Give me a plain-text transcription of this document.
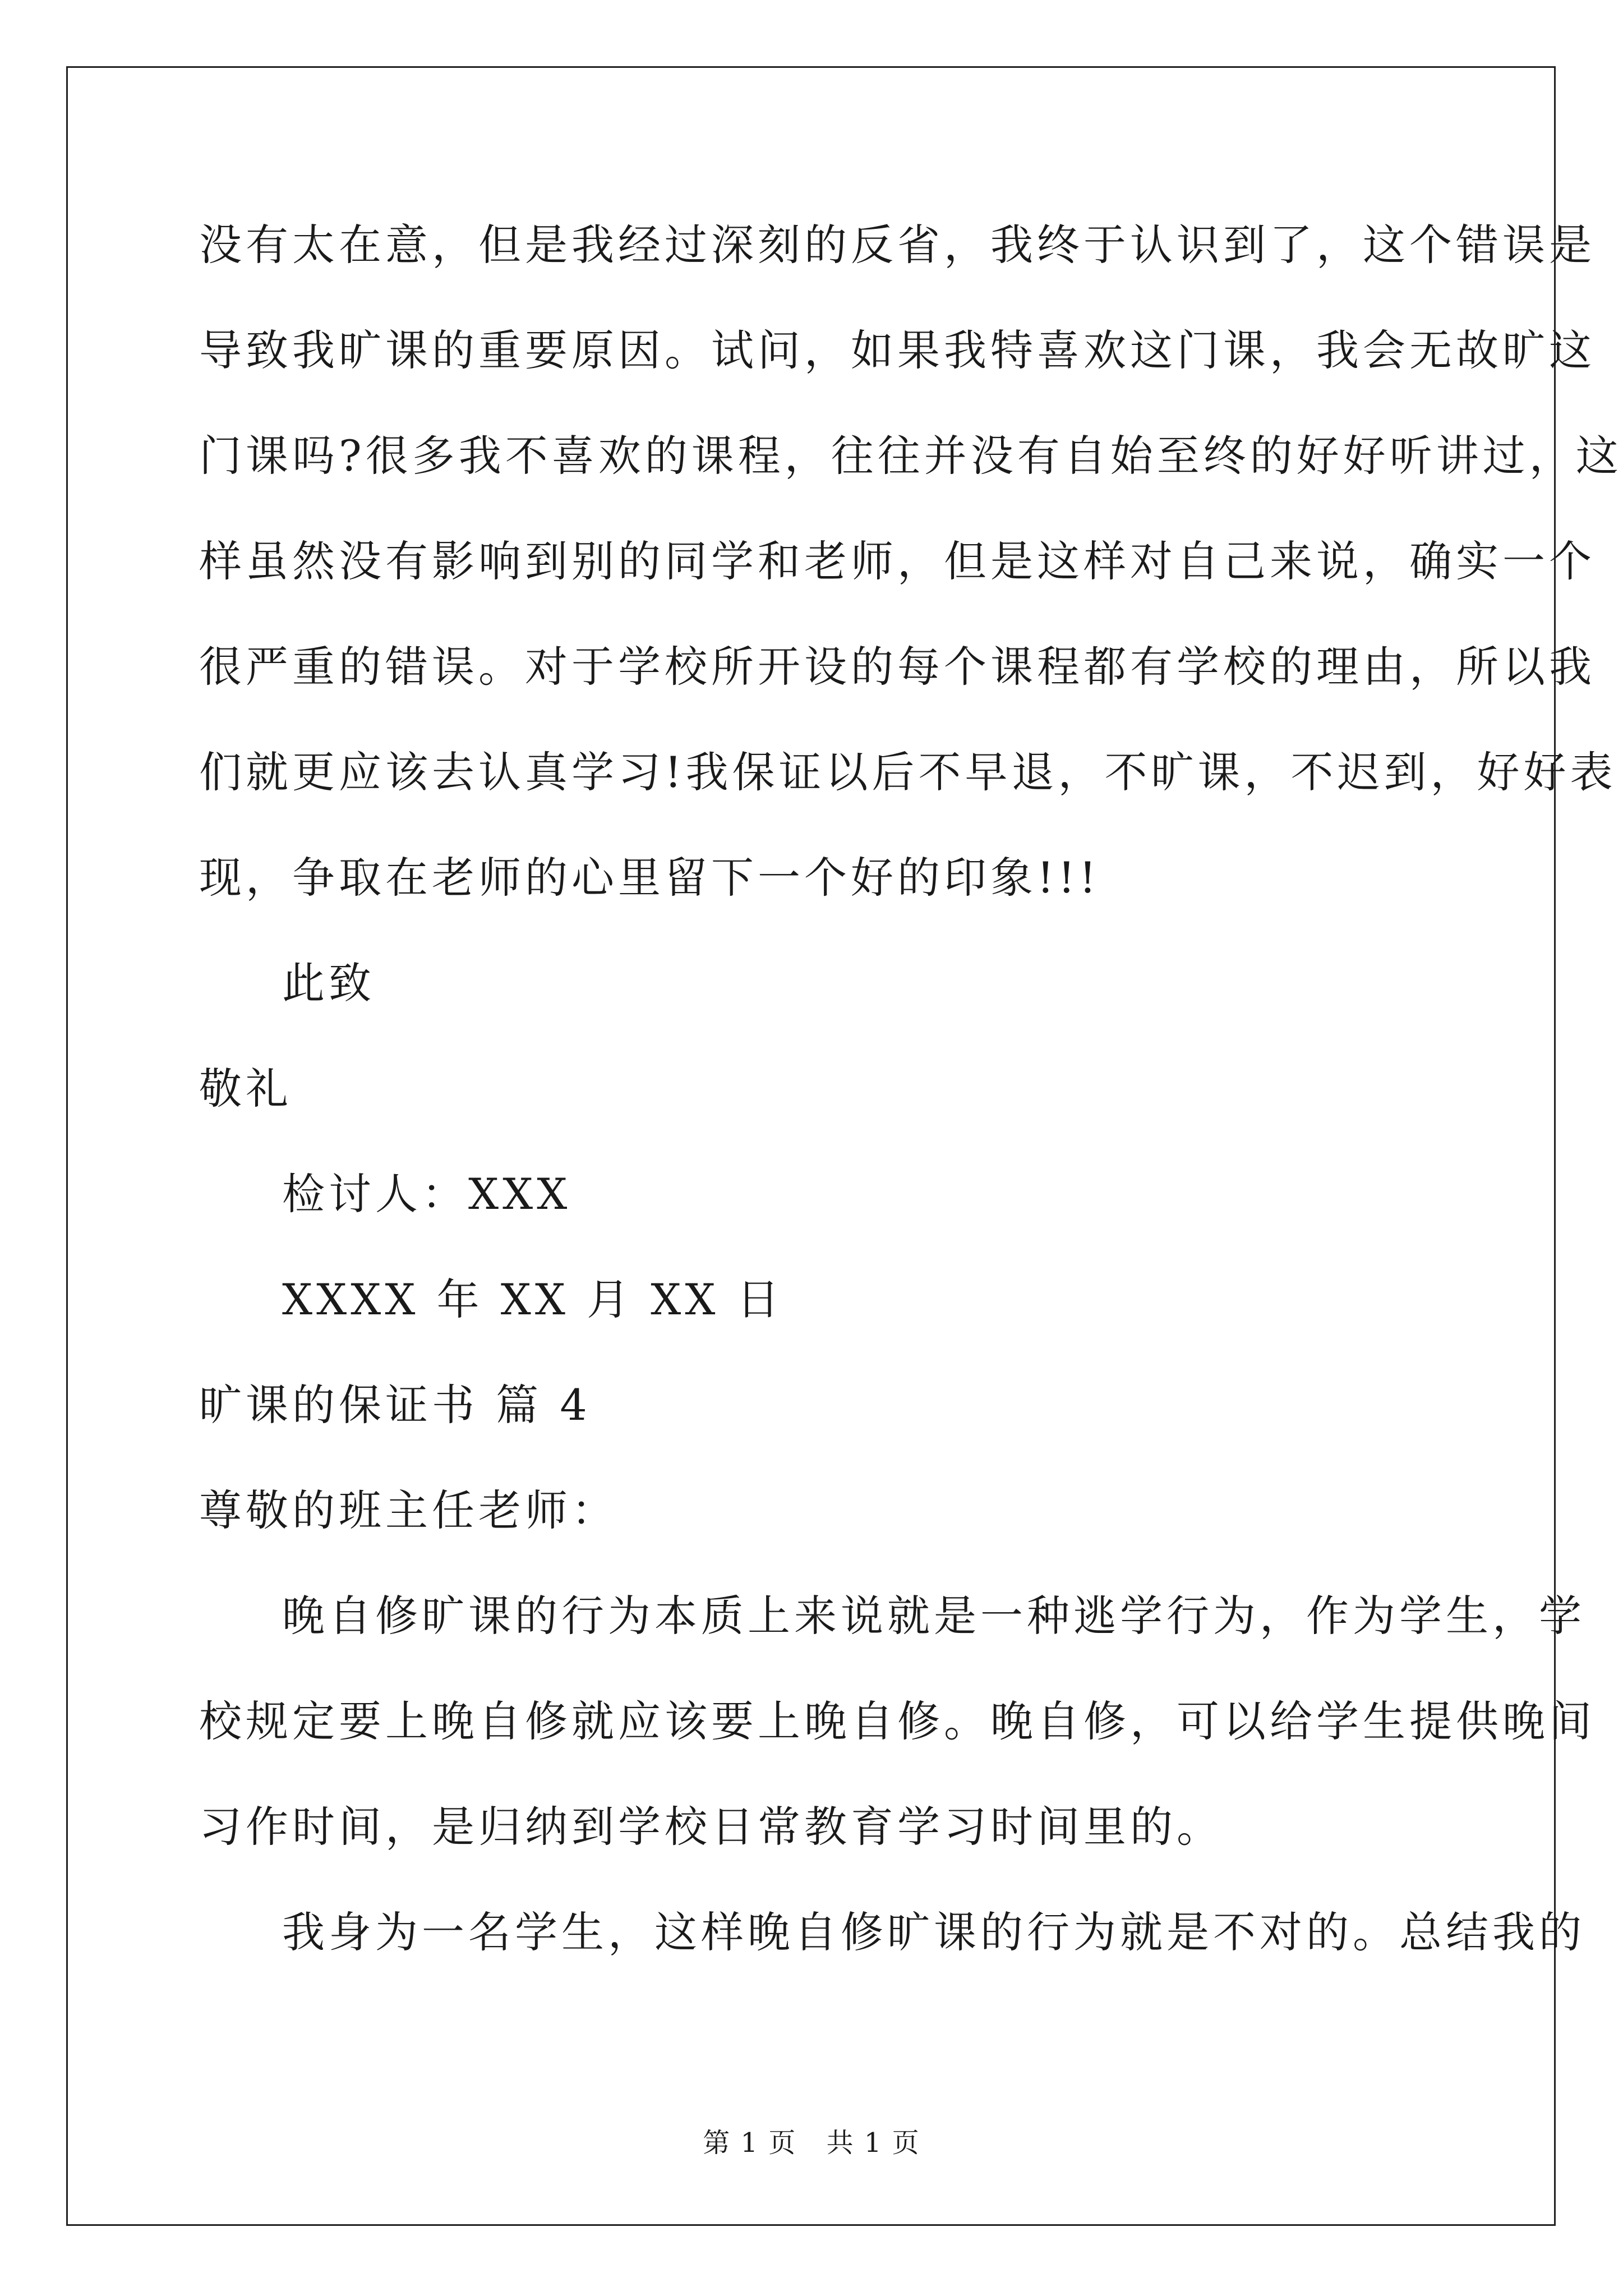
没有太在意，但是我经过深刻的反省，我终于认识到了，这个错误是
导致我旷课的重要原因。试问，如果我特喜欢这门课，我会无故旷这
门课吗?很多我不喜欢的课程，往往并没有自始至终的好好听讲过，这
样虽然没有影响到别的同学和老师，但是这样对自己来说，确实一个
很严重的错误。对于学校所开设的每个课程都有学校的理由，所以我
们就更应该去认真学习!我保证以后不早退，不旷课，不迟到，好好表
现，争取在老师的心里留下一个好的印象!!!
此致
敬礼
检讨人：XXX
XXXX 年 XX 月 XX 日
旷课的保证书 篇 4
尊敬的班主任老师：
晚自修旷课的行为本质上来说就是一种逃学行为，作为学生，学
校规定要上晚自修就应该要上晚自修。晚自修，可以给学生提供晚间
习作时间，是归纳到学校日常教育学习时间里的。
我身为一名学生，这样晚自修旷课的行为就是不对的。总结我的
第 1 页 共 1 页
